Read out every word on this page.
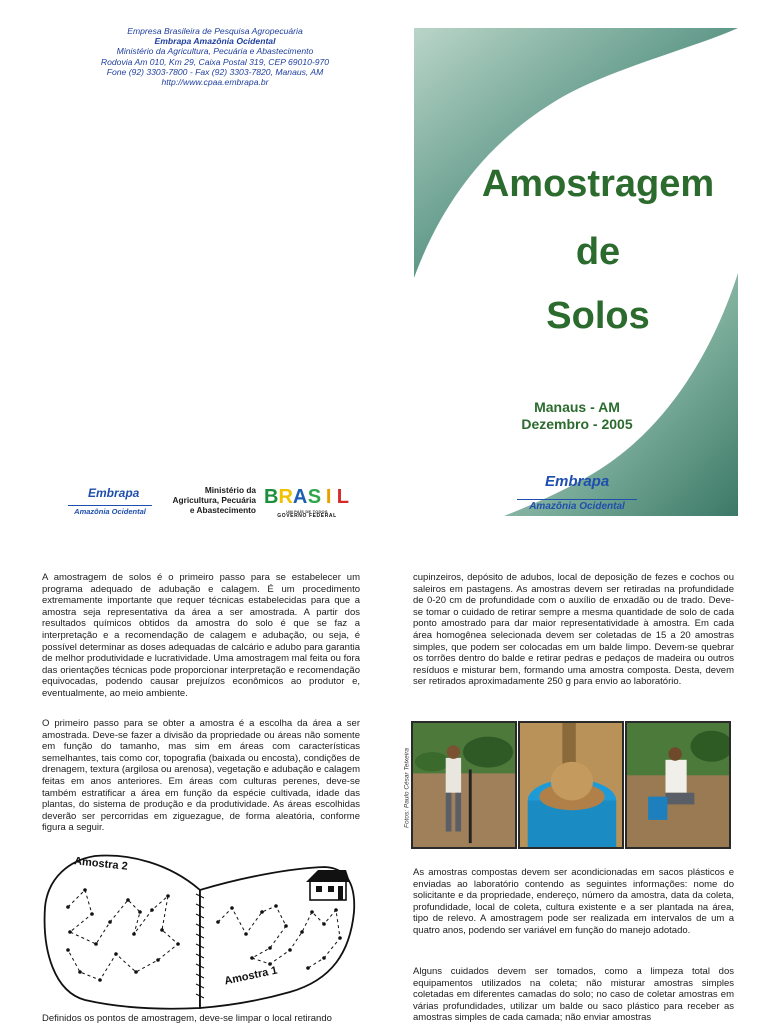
Empresa Brasileira de Pesquisa Agropecuária
Embrapa Amazônia Ocidental
Ministério da Agricultura, Pecuária e Abastecimento
Rodovia Am 010, Km 29, Caixa Postal 319, CEP 69010-970
Fone (92) 3303-7800 - Fax (92) 3303-7820, Manaus, AM
http://www.cpaa.embrapa.br
Amostragem
de
Solos
Manaus - AM
Dezembro - 2005
Embrapa
Amazônia Ocidental
Embrapa
Amazônia Ocidental
Ministério da
Agricultura, Pecuária
e Abastecimento
B R A S I L
UM PAÍS DE TODOS
GOVERNO FEDERAL
A amostragem de solos é o primeiro passo para se estabelecer um programa adequado de adubação e calagem. É um procedimento extremamente importante que requer técnicas estabelecidas para que a amostra seja representativa da área a ser amostrada. A partir dos resultados químicos obtidos da amostra do solo é que se faz a interpretação e a recomendação de calagem e adubação, ou seja, é possível determinar as doses adequadas de calcário e adubo para garantia de melhor produtividade e lucratividade. Uma amostragem mal feita ou fora das orientações técnicas pode proporcionar interpretação e recomendação equivocadas, podendo causar prejuízos econômicos ao produtor e, eventualmente, ao meio ambiente.
O primeiro passo para se obter a amostra é a escolha da área a ser amostrada. Deve-se fazer a divisão da propriedade ou áreas não somente em função do tamanho, mas sim em áreas com características semelhantes, tais como cor, topografia (baixada ou encosta), condições de drenagem, textura (argilosa ou arenosa), vegetação e adubação e calagem feitas em anos anteriores. Em áreas com culturas perenes, deve-se também estratificar a área em função da espécie cultivada, idade das plantas, do sistema de produção e da produtividade. As áreas escolhidas deverão ser percorridas em ziguezague, de forma aleatória, conforme figura a seguir.
Amostra 2
Amostra 1
Definidos os pontos de amostragem, deve-se limpar o local retirando
cupinzeiros, depósito de adubos, local de deposição de fezes e cochos ou saleiros em pastagens. As amostras devem ser retiradas na profundidade de 0-20 cm de profundidade com o auxílio de enxadão ou de trado. Deve-se tomar o cuidado de retirar sempre a mesma quantidade de solo de cada ponto amostrado para dar maior representatividade à amostra. Em cada área homogênea selecionada devem ser coletadas de 15 a 20 amostras simples, que podem ser colocadas em um balde limpo. Devem-se quebrar os torrões dentro do balde e retirar pedras e pedaços de madeira ou outros resíduos e misturar bem, formando uma amostra composta. Desta, devem ser retirados aproximadamente 250 g para envio ao laboratório.
Fotos: Paulo César Teixeira
As amostras compostas devem ser acondicionadas em sacos plásticos e enviadas ao laboratório contendo as seguintes informações: nome do solicitante e da propriedade, endereço, número da amostra, data da coleta, profundidade, local de coleta, cultura existente e a ser plantada na área, tipo de relevo. A amostragem pode ser realizada em intervalos de um a quatro anos, podendo ser variável em função do manejo adotado.
Alguns cuidados devem ser tomados, como a limpeza total dos equipamentos utilizados na coleta; não misturar amostras simples coletadas em diferentes camadas do solo; no caso de coletar amostras em várias profundidades, utilizar um balde ou saco plástico para receber as amostras simples de cada camada; não enviar amostras
